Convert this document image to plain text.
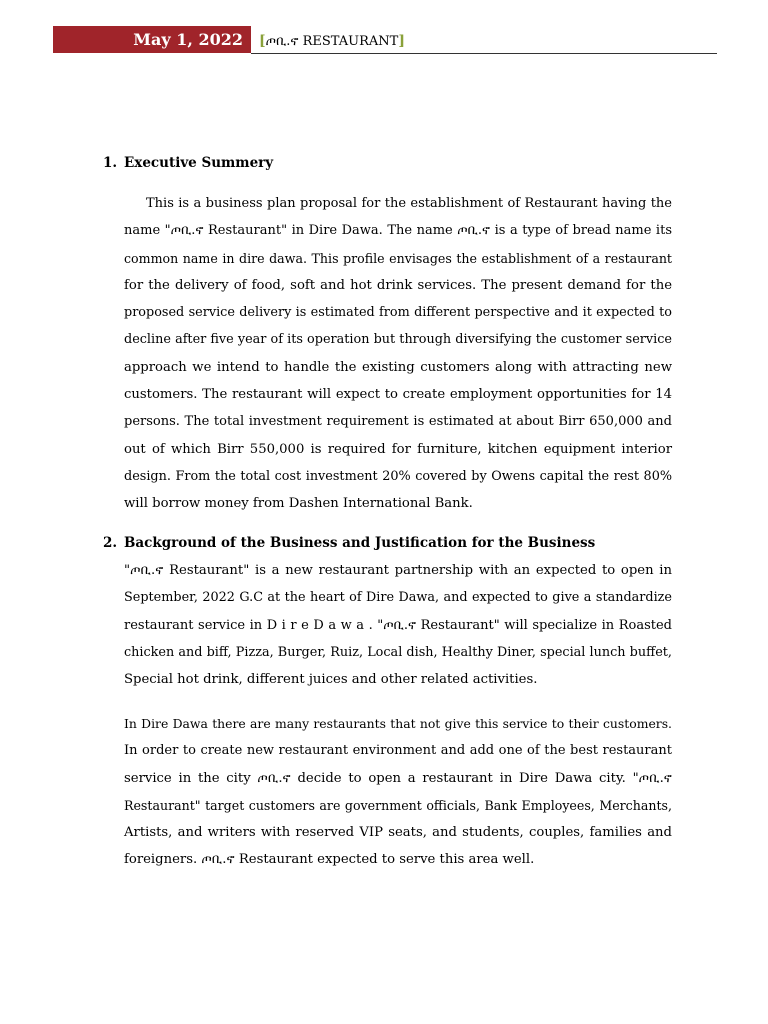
May 1, 2022 [ጦቢ.ኖ RESTAURANT]
1. Executive Summery
This is a business plan proposal for the establishment of Restaurant having the
name "ጦቢ.ኖ Restaurant" in Dire Dawa. The name ጦቢ.ኖ is a type of bread name its
common name in dire dawa. This profile envisages the establishment of a restaurant
for the delivery of food, soft and hot drink services. The present demand for the
proposed service delivery is estimated from different perspective and it expected to
decline after five year of its operation but through diversifying the customer service
approach we intend to handle the existing customers along with attracting new
customers. The restaurant will expect to create employment opportunities for 14
persons. The total investment requirement is estimated at about Birr 650,000 and
out of which Birr 550,000 is required for furniture, kitchen equipment interior
design. From the total cost investment 20% covered by Owens capital the rest 80%
will borrow money from Dashen International Bank.
2. Background of the Business and Justification for the Business
"ጦቢ.ኖ Restaurant" is a new restaurant partnership with an expected to open in
September, 2022 G.C at the heart of Dire Dawa, and expected to give a standardize
restaurant service in D i r e D a w a . "ጦቢ.ኖ Restaurant" will specialize in Roasted
chicken and biff, Pizza, Burger, Ruiz, Local dish, Healthy Diner, special lunch buffet,
Special hot drink, different juices and other related activities.
In Dire Dawa there are many restaurants that not give this service to their customers.
In order to create new restaurant environment and add one of the best restaurant
service in the city ጦቢ.ኖ decide to open a restaurant in Dire Dawa city. "ጦቢ.ኖ
Restaurant" target customers are government officials, Bank Employees, Merchants,
Artists, and writers with reserved VIP seats, and students, couples, families and
foreigners. ጦቢ.ኖ Restaurant expected to serve this area well.
